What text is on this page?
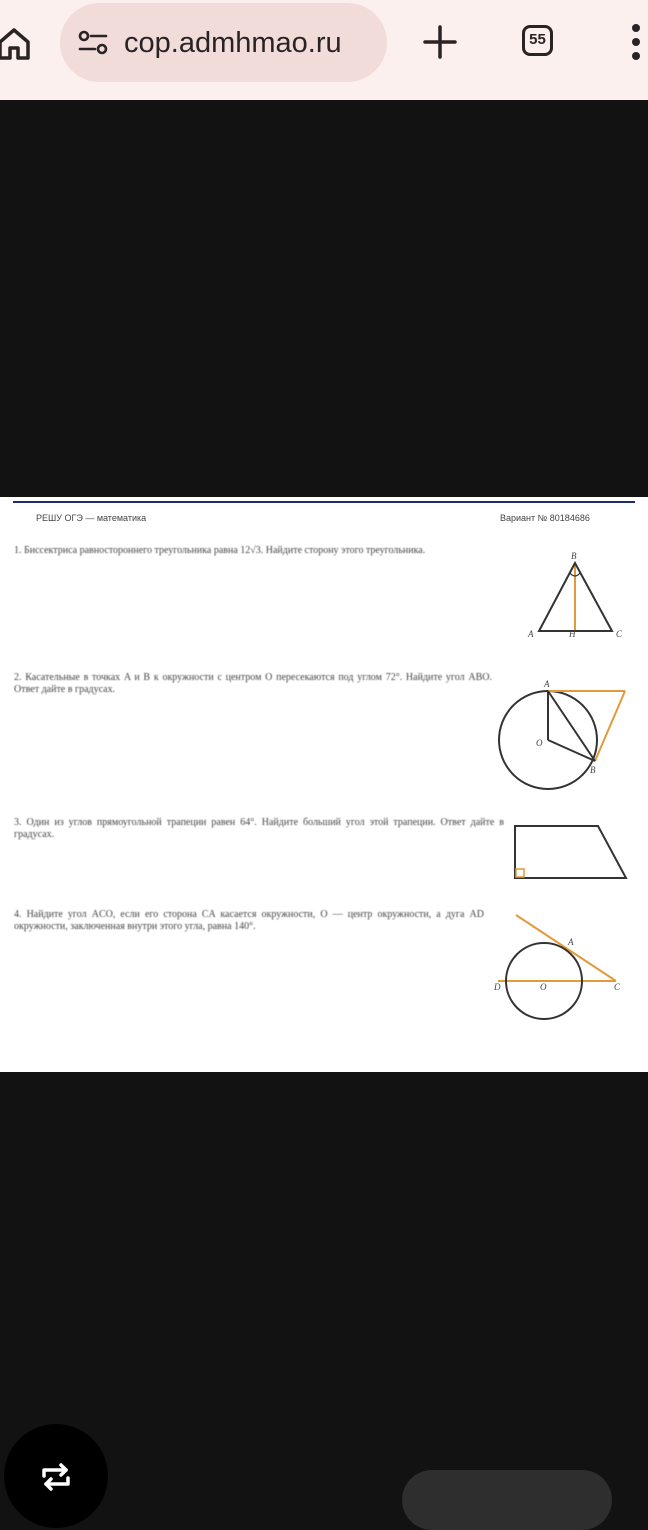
cop.admhmao.ru	55
РЕШУ ОГЭ — математика	Вариант № 80184686
1. Биссектриса равностороннего треугольника равна 12√3. Найдите сторону этого треугольника.
2. Касательные в точках A и B к окружности с центром O пересекаются под углом 72°. Найдите угол ABO. Ответ дайте в градусах.
3. Один из углов прямоугольной трапеции равен 64°. Найдите больший угол этой трапеции. Ответ дайте в градусах.
4. Найдите угол ACO, если его сторона CA касается окружности, O — центр окружности, а дуга AD окружности, заключенная внутри этого угла, равна 140°.
B
A	H	C
A
O
B
A
D	O	C
